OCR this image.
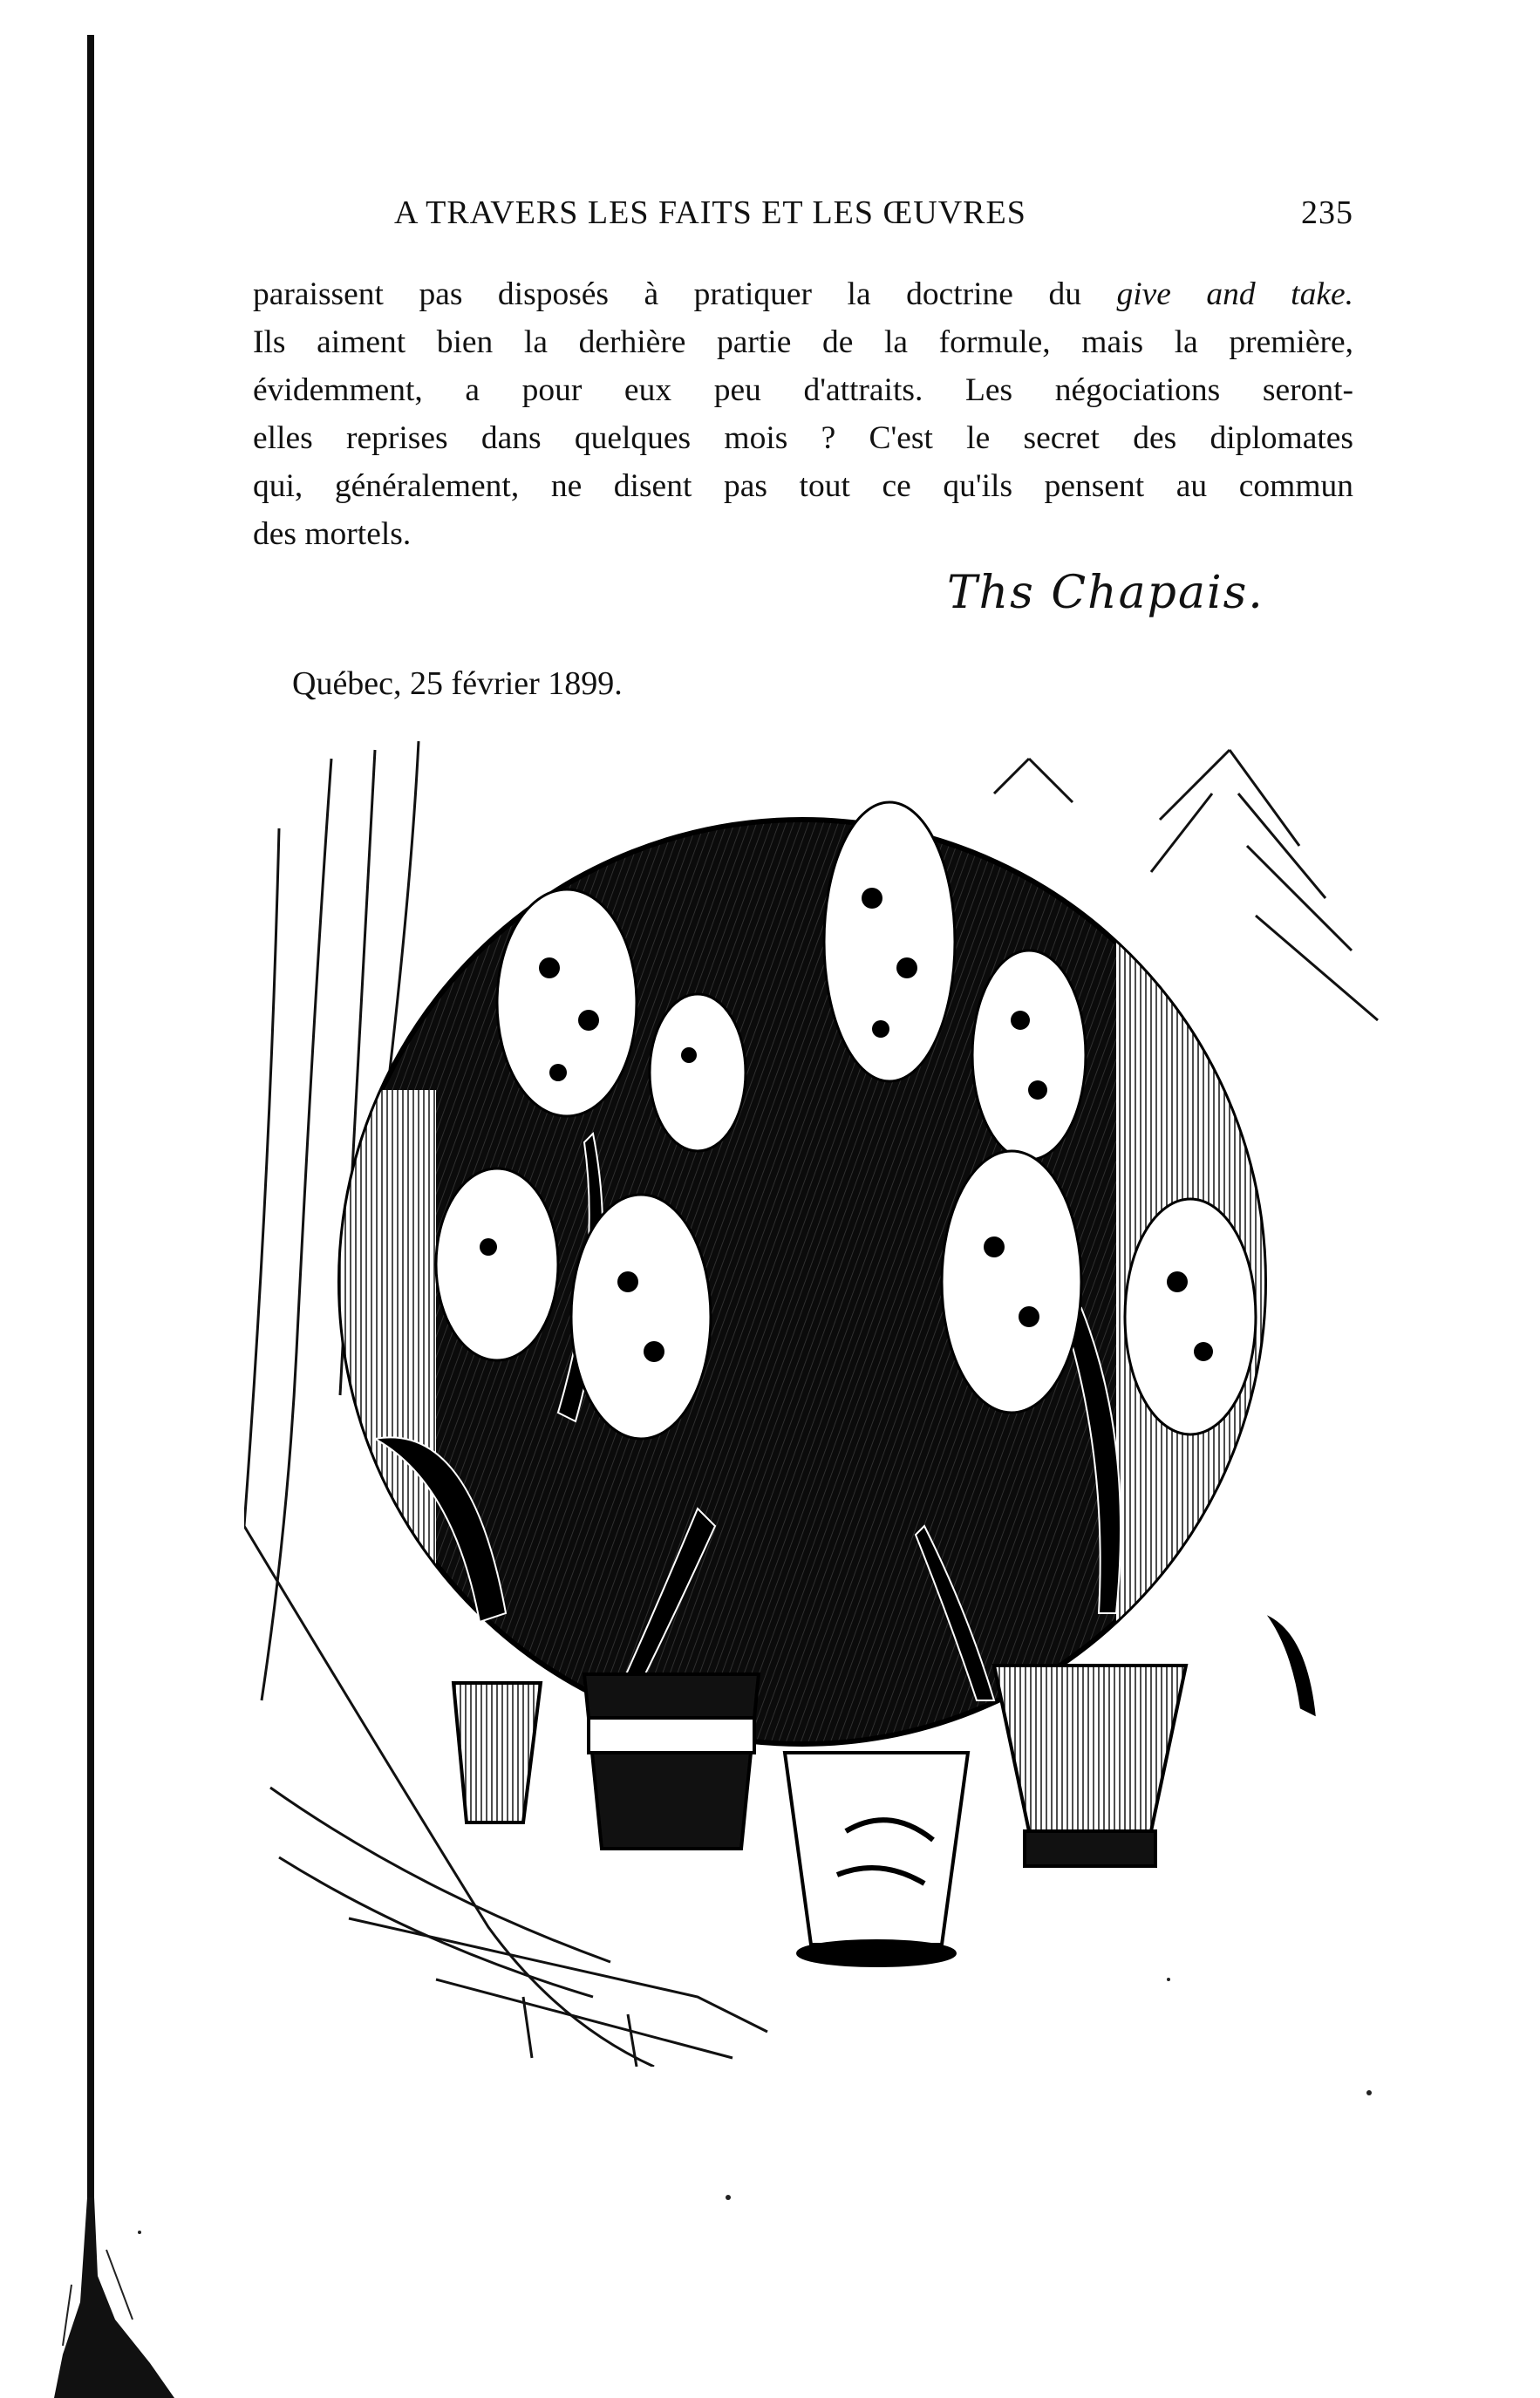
A TRAVERS LES FAITS ET LES ŒUVRES	235

paraissent pas disposés à pratiquer la doctrine du give and take.
Ils aiment bien la derhière partie de la formule, mais la première,
évidemment, a pour eux peu d'attraits. Les négociations seront-
elles reprises dans quelques mois ? C'est le secret des diplomates
qui, généralement, ne disent pas tout ce qu'ils pensent au commun
des mortels.

Ths Chapais.
Québec, 25 février 1899.
